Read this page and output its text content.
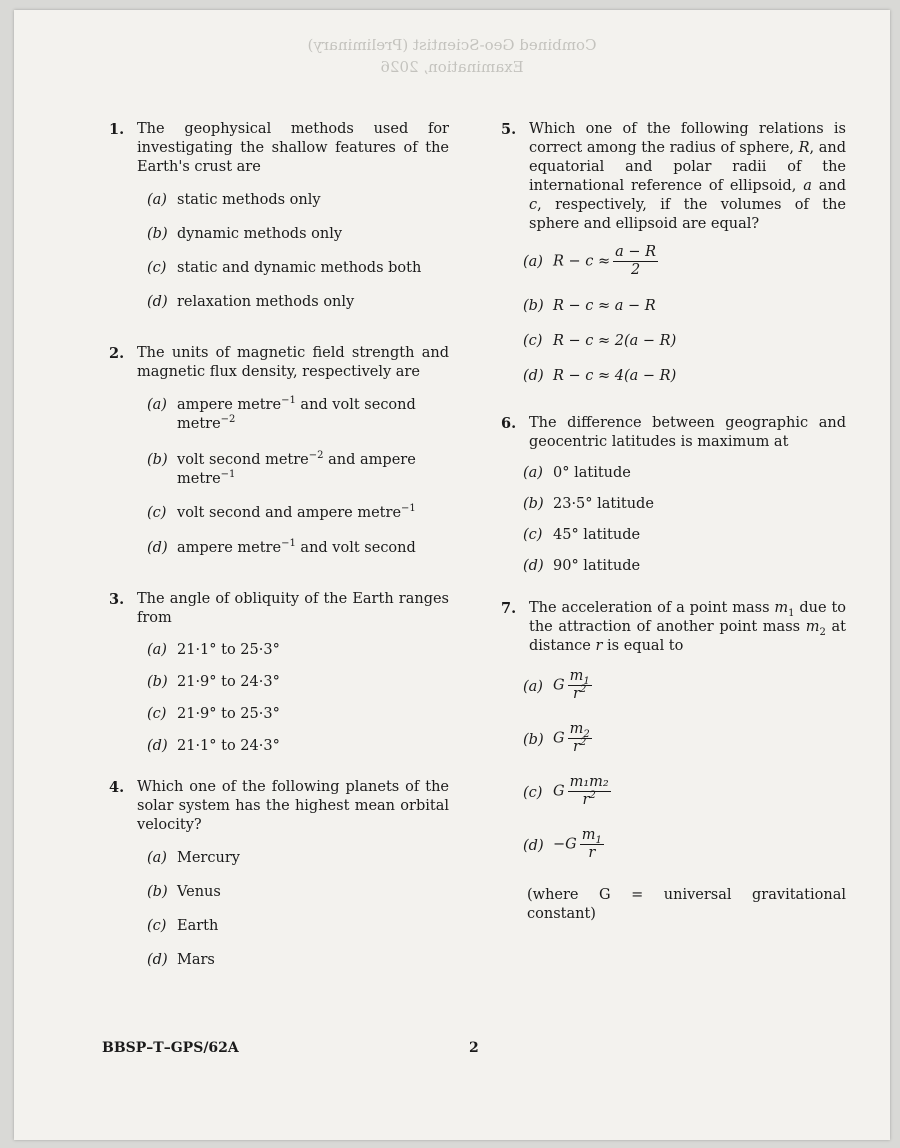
Combined Geo-Scientist (Preliminary)
Examination, 2026
1. The geophysical methods used for investigating the shallow features of the Earth's crust are
(a) static methods only
(b) dynamic methods only
(c) static and dynamic methods both
(d) relaxation methods only
2. The units of magnetic field strength and magnetic flux density, respectively are
(a) ampere metre$^{-1}$ and volt second metre$^{-2}$
(b) volt second metre$^{-2}$ and ampere metre$^{-1}$
(c) volt second and ampere metre$^{-1}$
(d) ampere metre$^{-1}$ and volt second
3. The angle of obliquity of the Earth ranges from
(a) 21·1° to 25·3°
(b) 21·9° to 24·3°
(c) 21·9° to 25·3°
(d) 21·1° to 24·3°
4. Which one of the following planets of the solar system has the highest mean orbital velocity?
(a) Mercury
(b) Venus
(c) Earth
(d) Mars
5. Which one of the following relations is correct among the radius of sphere, R, and equatorial and polar radii of the international reference of ellipsoid, a and c, respectively, if the volumes of the sphere and ellipsoid are equal?
(a) $R - c \approx \frac{a - R}{2}$
(b) R − c ≈ a − R
(c) R − c ≈ 2(a − R)
(d) R − c ≈ 4(a − R)
6. The difference between geographic and geocentric latitudes is maximum at
(a) 0° latitude
(b) 23·5° latitude
(c) 45° latitude
(d) 90° latitude
7. The acceleration of a point mass $m_1$ due to the attraction of another point mass $m_2$ at distance r is equal to
(a) G $\frac{m_1}{r^2}$
(b) G $\frac{m_2}{r^2}$
(c) G $\frac{\text{m₁m₂}}{r^2}$
$(d) -G \frac{m_1}{r}$
(where G = universal gravitational constant)
BBSP–T–GPS/62A	2
